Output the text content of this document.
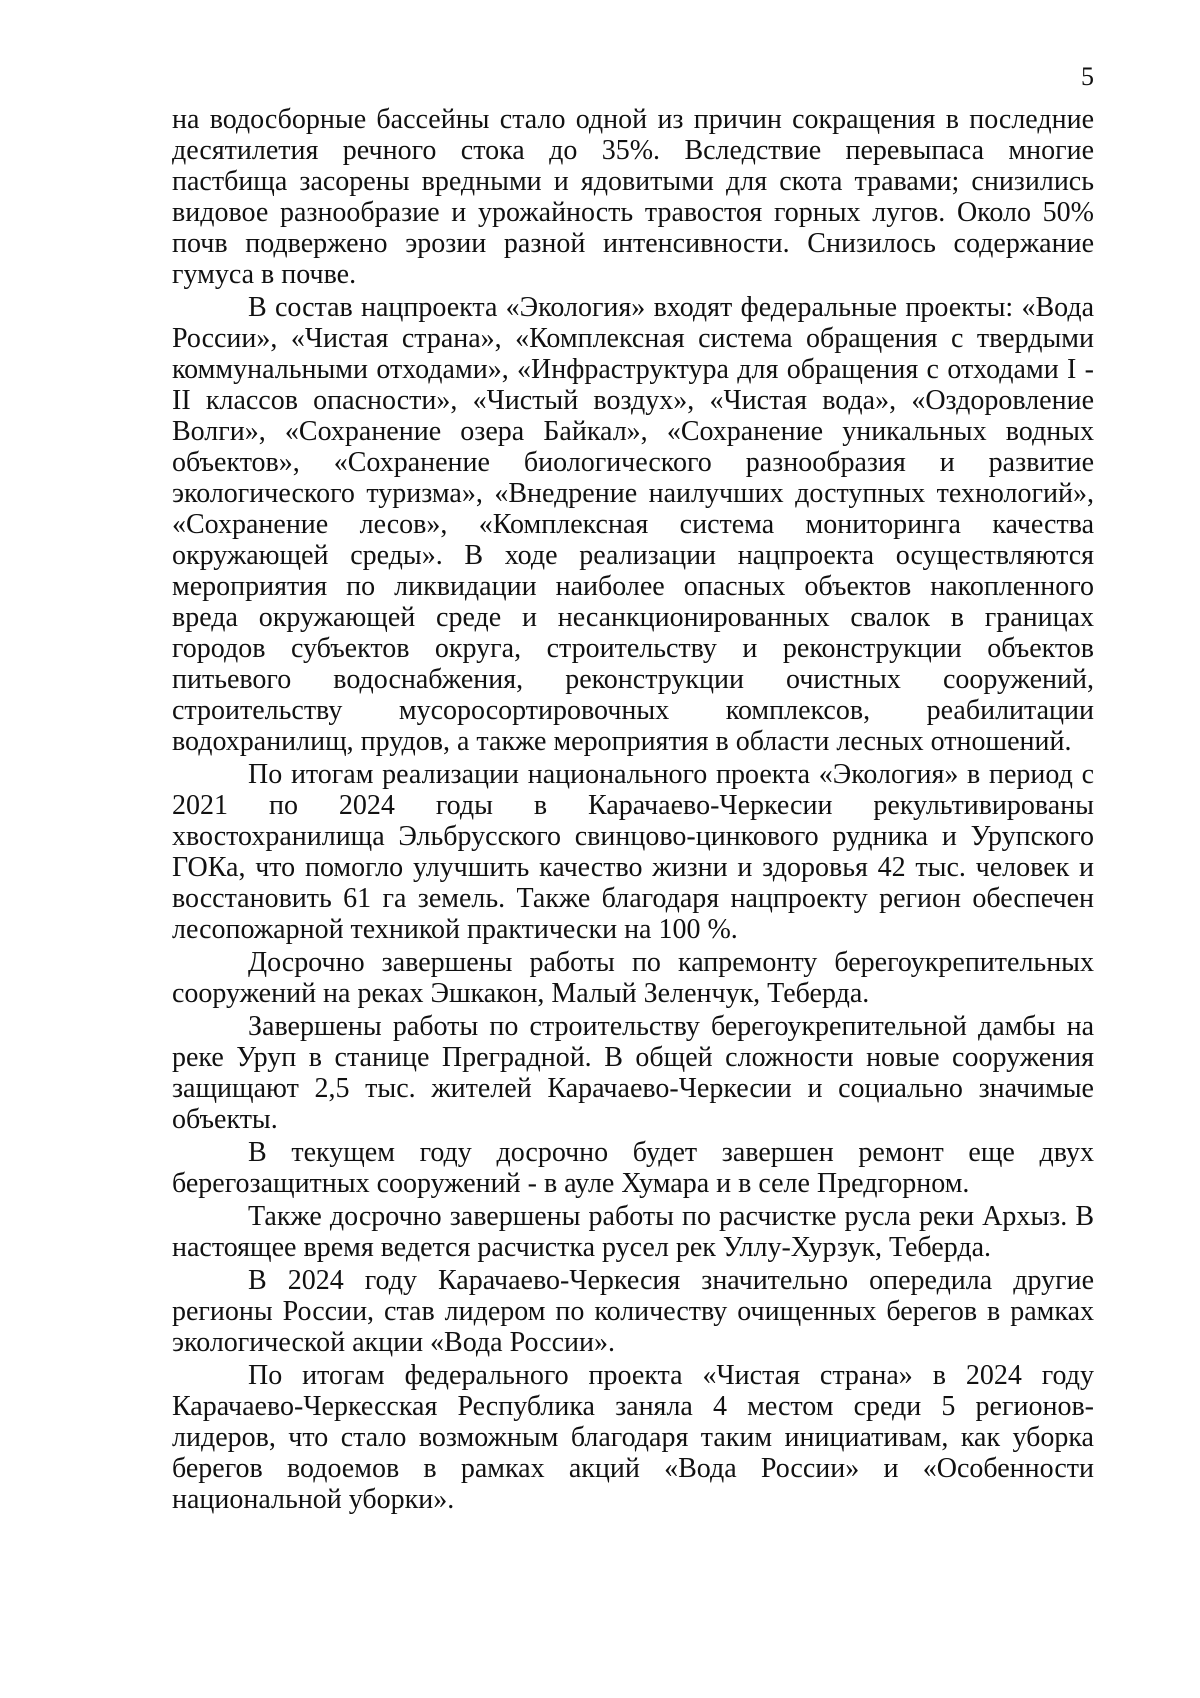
5

на водосборные бассейны стало одной из причин сокращения в последние десятилетия речного стока до 35%. Вследствие перевыпаса многие пастбища засорены вредными и ядовитыми для скота травами; снизились видовое разнообразие и урожайность травостоя горных лугов. Около 50% почв подвержено эрозии разной интенсивности. Снизилось содержание гумуса в почве.

В состав нацпроекта «Экология» входят федеральные проекты: «Вода России», «Чистая страна», «Комплексная система обращения с твердыми коммунальными отходами», «Инфраструктура для обращения с отходами I - II классов опасности», «Чистый воздух», «Чистая вода», «Оздоровление Волги», «Сохранение озера Байкал», «Сохранение уникальных водных объектов», «Сохранение биологического разнообразия и развитие экологического туризма», «Внедрение наилучших доступных технологий», «Сохранение лесов», «Комплексная система мониторинга качества окружающей среды». В ходе реализации нацпроекта осуществляются мероприятия по ликвидации наиболее опасных объектов накопленного вреда окружающей среде и несанкционированных свалок в границах городов субъектов округа, строительству и реконструкции объектов питьевого водоснабжения, реконструкции очистных сооружений, строительству мусоросортировочных комплексов, реабилитации водохранилищ, прудов, а также мероприятия в области лесных отношений.

По итогам реализации национального проекта «Экология» в период с 2021 по 2024 годы в Карачаево-Черкесии рекультивированы хвостохранилища Эльбрусского свинцово-цинкового рудника и Урупского ГОКа, что помогло улучшить качество жизни и здоровья 42 тыс. человек и восстановить 61 га земель. Также благодаря нацпроекту регион обеспечен лесопожарной техникой практически на 100 %.

Досрочно завершены работы по капремонту берегоукрепительных сооружений на реках Эшкакон, Малый Зеленчук, Теберда.

Завершены работы по строительству берегоукрепительной дамбы на реке Уруп в станице Преградной. В общей сложности новые сооружения защищают 2,5 тыс. жителей Карачаево-Черкесии и социально значимые объекты.

В текущем году досрочно будет завершен ремонт еще двух берегозащитных сооружений - в ауле Хумара и в селе Предгорном.

Также досрочно завершены работы по расчистке русла реки Архыз. В настоящее время ведется расчистка русел рек Уллу-Хурзук, Теберда.

В 2024 году Карачаево-Черкесия значительно опередила другие регионы России, став лидером по количеству очищенных берегов в рамках экологической акции «Вода России».

По итогам федерального проекта «Чистая страна» в 2024 году Карачаево-Черкесская Республика заняла 4 местом среди 5 регионов-лидеров, что стало возможным благодаря таким инициативам, как уборка берегов водоемов в рамках акций «Вода России» и «Особенности национальной уборки».
